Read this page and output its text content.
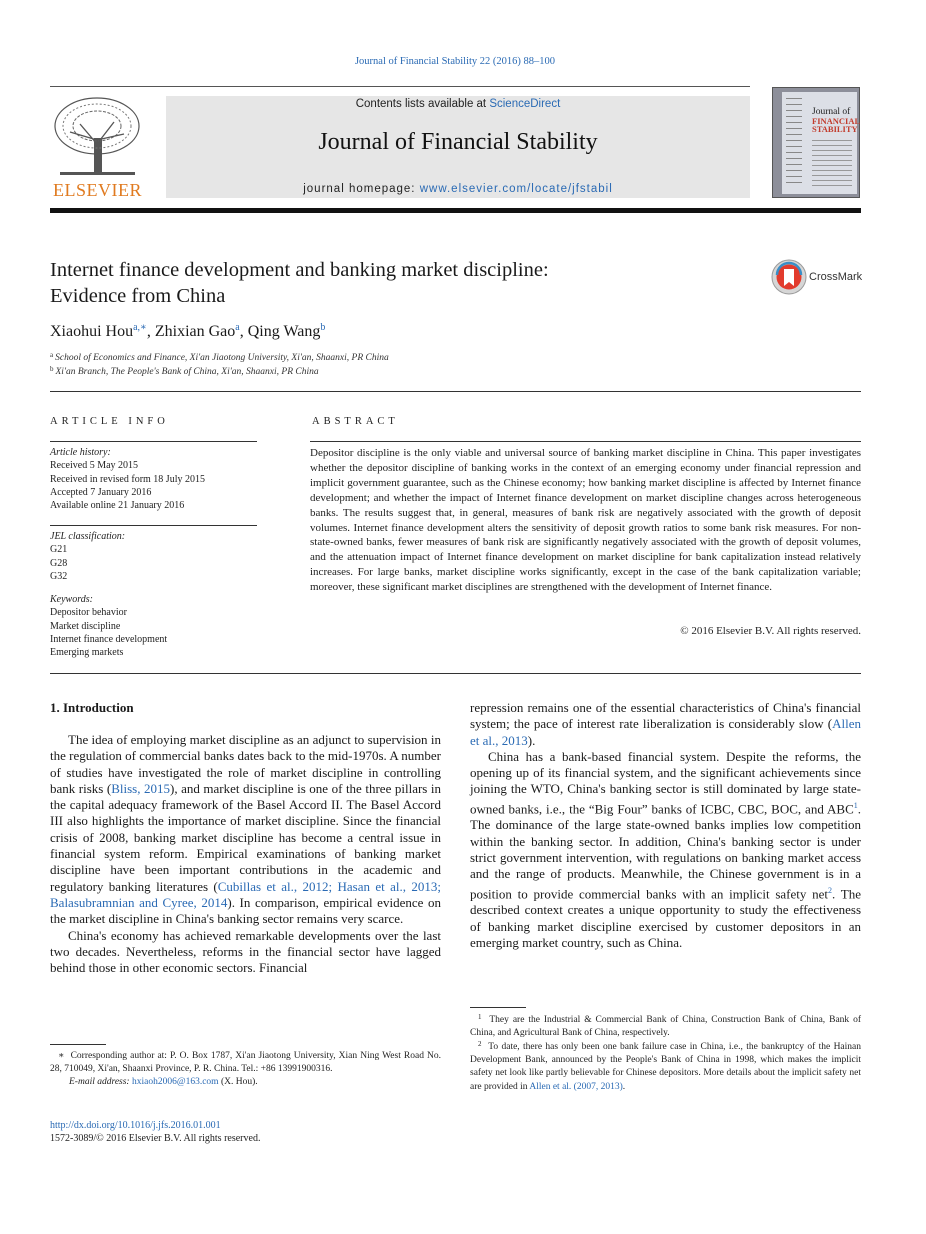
Journal of Financial Stability 22 (2016) 88–100
ELSEVIER
Contents lists available at ScienceDirect
Journal of Financial Stability
journal homepage: www.elsevier.com/locate/jfstabil
Journal of
FINANCIAL
STABILITY
Internet finance development and banking market discipline:
Evidence from China
CrossMark
Xiaohui Hou$^{a,∗}$, Zhixian Gao$^a$, Qing Wang$^b$
$^a$ School of Economics and Finance, Xi'an Jiaotong University, Xi'an, Shaanxi, PR China
$^b$ Xi'an Branch, The People's Bank of China, Xi'an, Shaanxi, PR China
ARTICLE INFO
Article history:
Received 5 May 2015
Received in revised form 18 July 2015
Accepted 7 January 2016
Available online 21 January 2016
JEL classification:
G21
G28
G32
Keywords:
Depositor behavior
Market discipline
Internet finance development
Emerging markets
ABSTRACT
Depositor discipline is the only viable and universal source of banking market discipline in China. This paper investigates whether the depositor discipline of banking works in the context of an emerging economy under financial repression and implicit government guarantee, such as the Chinese economy; how banking market discipline is affected by Internet finance development; and whether the impact of Internet finance development on market discipline changes across heterogeneous banks. The results suggest that, in general, measures of bank risk are negatively associated with the growth of deposit volumes. Internet finance development alters the sensitivity of deposit growth ratios to some bank risk measures. For non-state-owned banks, fewer measures of bank risk are significantly negatively associated with the growth of deposit volumes, and the attenuation impact of Internet finance development on market discipline for bank capitalization instead relatively increases. For large banks, market discipline works significantly, except in the case of the bank capitalization variable; moreover, these significant market disciplines are strengthened with the development of Internet finance.
© 2016 Elsevier B.V. All rights reserved.
1. Introduction

The idea of employing market discipline as an adjunct to supervision in the regulation of commercial banks dates back to the mid-1970s. A number of studies have investigated the role of market discipline in controlling bank risks (Bliss, 2015), and market discipline is one of the three pillars in the capital adequacy framework of the Basel Accord II. The Basel Accord III also highlights the importance of market discipline. Since the financial crisis of 2008, banking market discipline has become a central issue in financial system reform. Empirical examinations of banking market discipline have been important contributions in the academic and regulatory banking literatures (Cubillas et al., 2012; Hasan et al., 2013; Balasubramnian and Cyree, 2014). In comparison, empirical evidence on the market discipline in China's banking sector remains very scarce.

China's economy has achieved remarkable developments over the last two decades. Nevertheless, reforms in the financial sector have lagged behind those in other economic sectors. Financial

repression remains one of the essential characteristics of China's financial system; the pace of interest rate liberalization is considerably slow (Allen et al., 2013).

China has a bank-based financial system. Despite the reforms, the opening up of its financial system, and the significant achievements since joining the WTO, China's banking sector is still dominated by large state-owned banks, i.e., the “Big Four” banks of ICBC, CBC, BOC, and ABC$^1$. The dominance of the large state-owned banks implies low competition within the banking sector. In addition, China's banking sector is under strict government intervention, with regulations on banking market access and the range of products. Meanwhile, the Chinese government is in a position to provide commercial banks with an implicit safety net$^2$. The described context creates a unique opportunity to study the effectiveness of banking market discipline exercised by customer depositors in an emerging market country, such as China.

∗ Corresponding author at: P. O. Box 1787, Xi'an Jiaotong University, Xian Ning West Road No. 28, 710049, Xi'an, Shaanxi Province, P. R. China. Tel.: +86 13991900316.
E-mail address: hxiaoh2006@163.com (X. Hou).
$^1$ They are the Industrial & Commercial Bank of China, Construction Bank of China, Bank of China, and Agricultural Bank of China, respectively.
$^2$ To date, there has only been one bank failure case in China, i.e., the bankruptcy of the Hainan Development Bank, announced by the People's Bank of China in 1998, which makes the implicit safety net look like partly believable for Chinese depositors. More details about the implicit safety net are provided in Allen et al. (2007, 2013).
http://dx.doi.org/10.1016/j.jfs.2016.01.001
1572-3089/© 2016 Elsevier B.V. All rights reserved.
